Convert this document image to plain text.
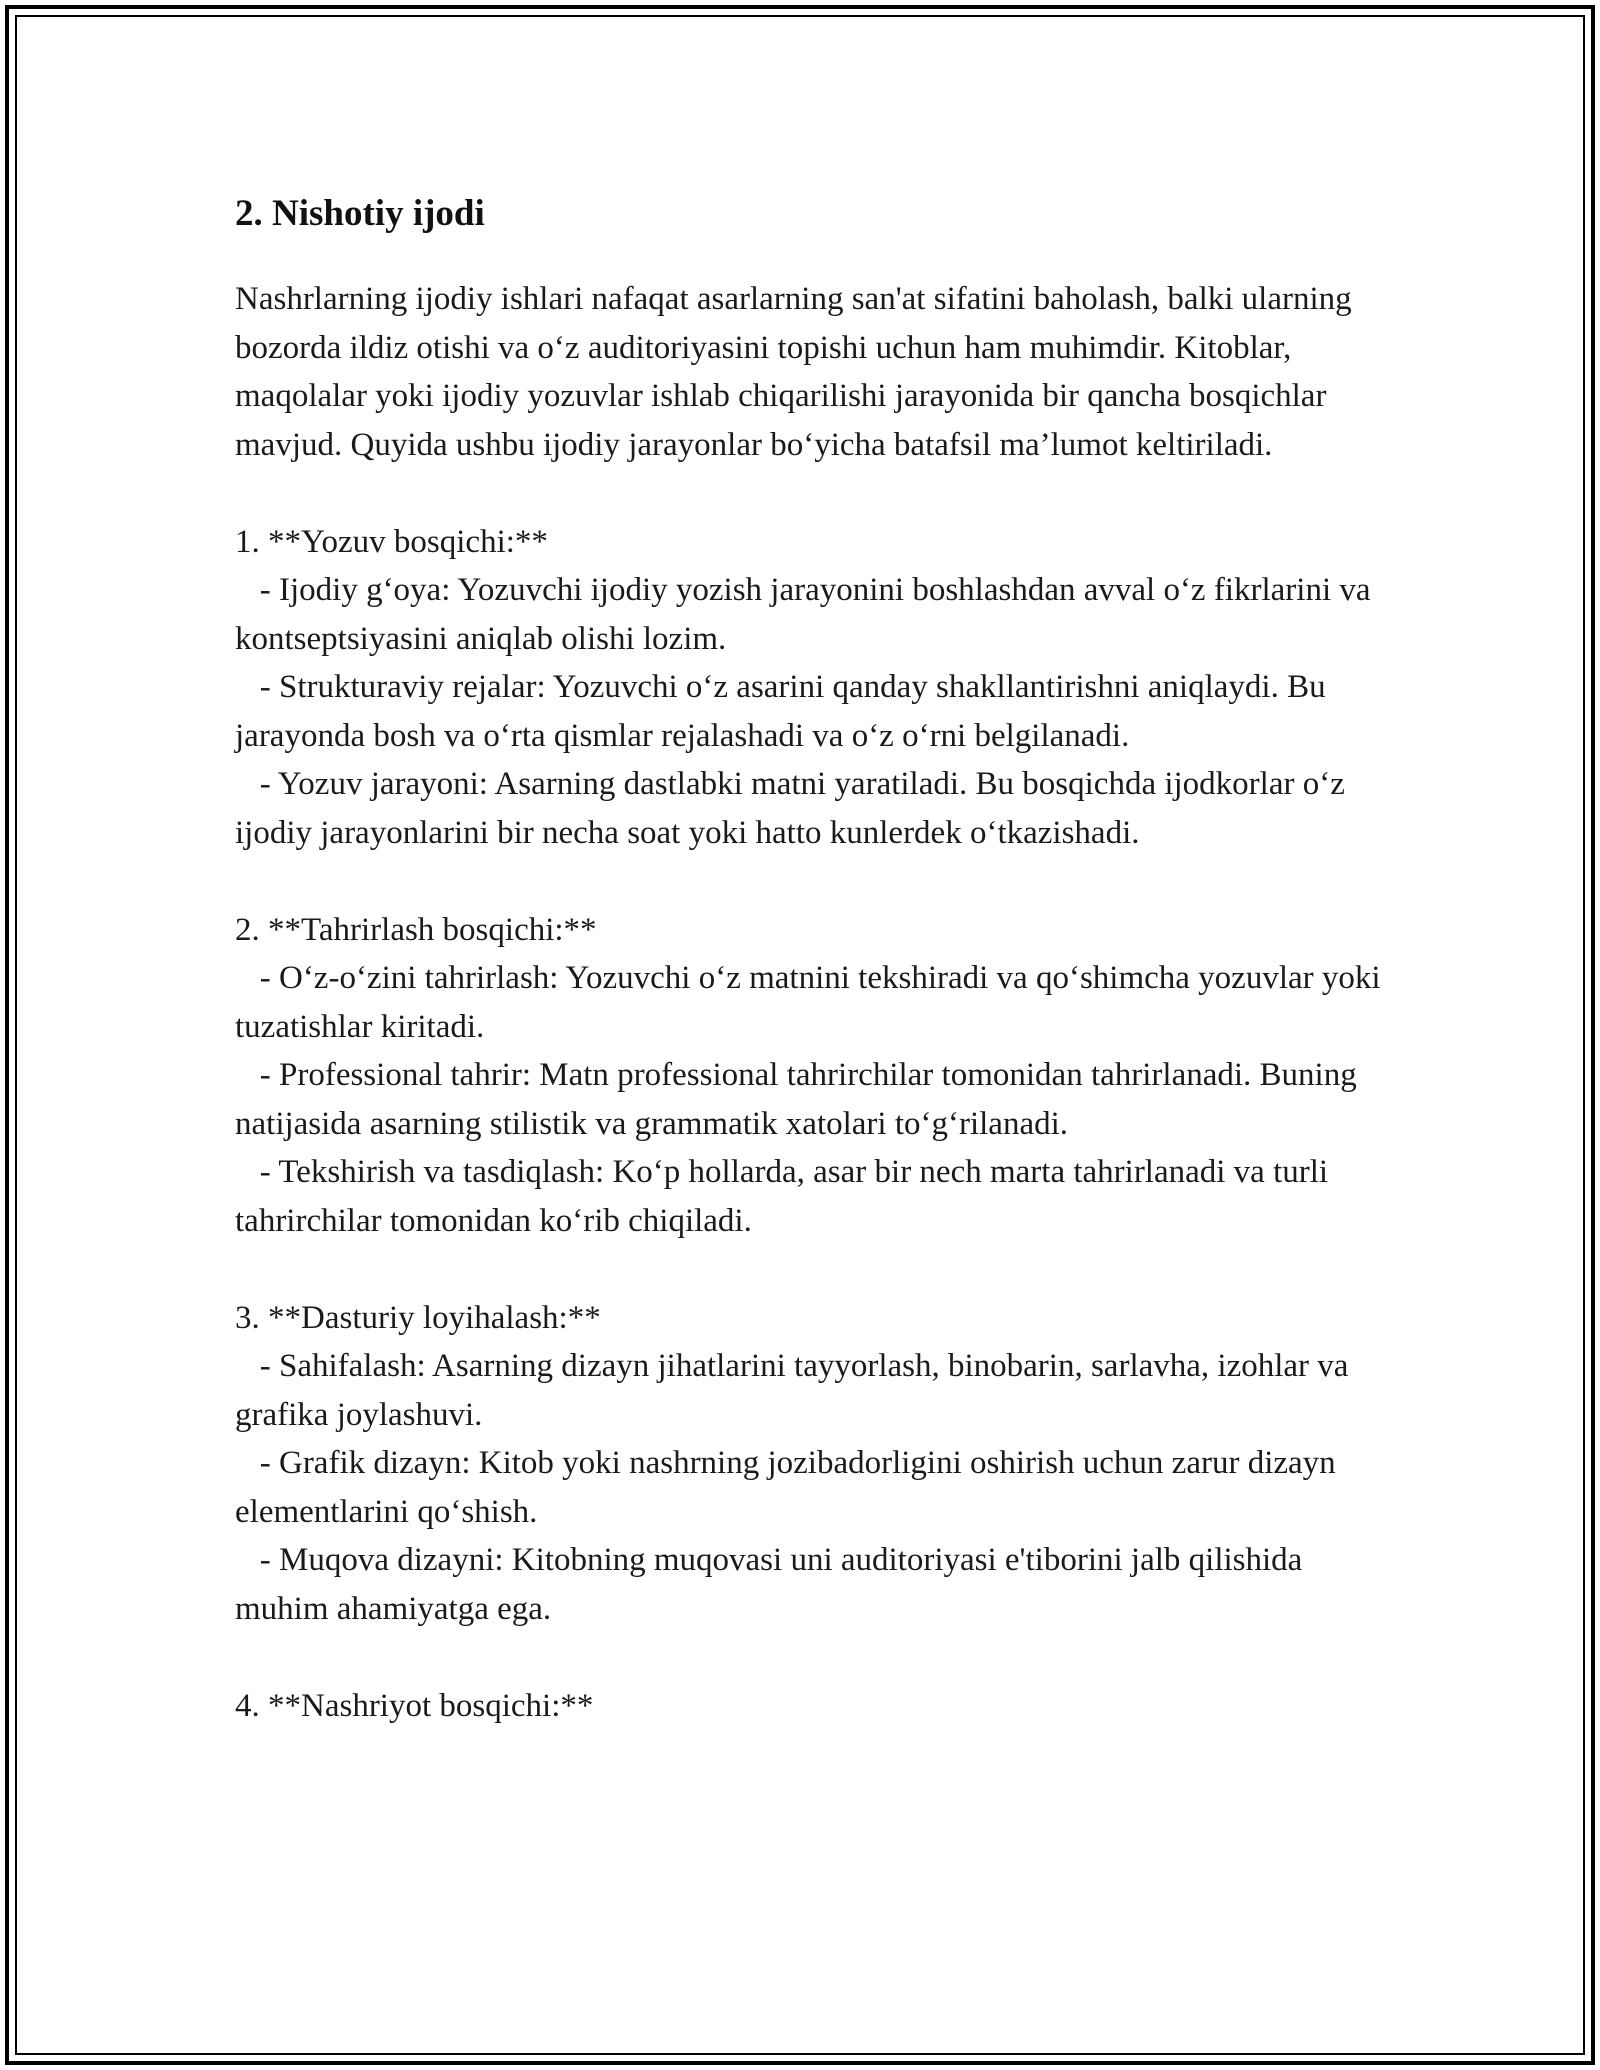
2. Nishotiy ijodi

Nashrlarning ijodiy ishlari nafaqat asarlarning san'at sifatini baholash, balki ularning bozorda ildiz otishi va o‘z auditoriyasini topishi uchun ham muhimdir. Kitoblar, maqolalar yoki ijodiy yozuvlar ishlab chiqarilishi jarayonida bir qancha bosqichlar mavjud. Quyida ushbu ijodiy jarayonlar bo‘yicha batafsil ma’lumot keltiriladi.

1. **Yozuv bosqichi:**

- Ijodiy g‘oya: Yozuvchi ijodiy yozish jarayonini boshlashdan avval o‘z fikrlarini va kontseptsiyasini aniqlab olishi lozim.

- Strukturaviy rejalar: Yozuvchi o‘z asarini qanday shakllantirishni aniqlaydi. Bu jarayonda bosh va o‘rta qismlar rejalashadi va o‘z o‘rni belgilanadi.

- Yozuv jarayoni: Asarning dastlabki matni yaratiladi. Bu bosqichda ijodkorlar o‘z ijodiy jarayonlarini bir necha soat yoki hatto kunlerdek o‘tkazishadi.

2. **Tahrirlash bosqichi:**

- O‘z-o‘zini tahrirlash: Yozuvchi o‘z matnini tekshiradi va qo‘shimcha yozuvlar yoki tuzatishlar kiritadi.

- Professional tahrir: Matn professional tahrirchilar tomonidan tahrirlanadi. Buning natijasida asarning stilistik va grammatik xatolari to‘g‘rilanadi.

- Tekshirish va tasdiqlash: Ko‘p hollarda, asar bir nech marta tahrirlanadi va turli tahrirchilar tomonidan ko‘rib chiqiladi.

3. **Dasturiy loyihalash:**

- Sahifalash: Asarning dizayn jihatlarini tayyorlash, binobarin, sarlavha, izohlar va grafika joylashuvi.

- Grafik dizayn: Kitob yoki nashrning jozibadorligini oshirish uchun zarur dizayn elementlarini qo‘shish.

- Muqova dizayni: Kitobning muqovasi uni auditoriyasi e'tiborini jalb qilishida muhim ahamiyatga ega.

4. **Nashriyot bosqichi:**
